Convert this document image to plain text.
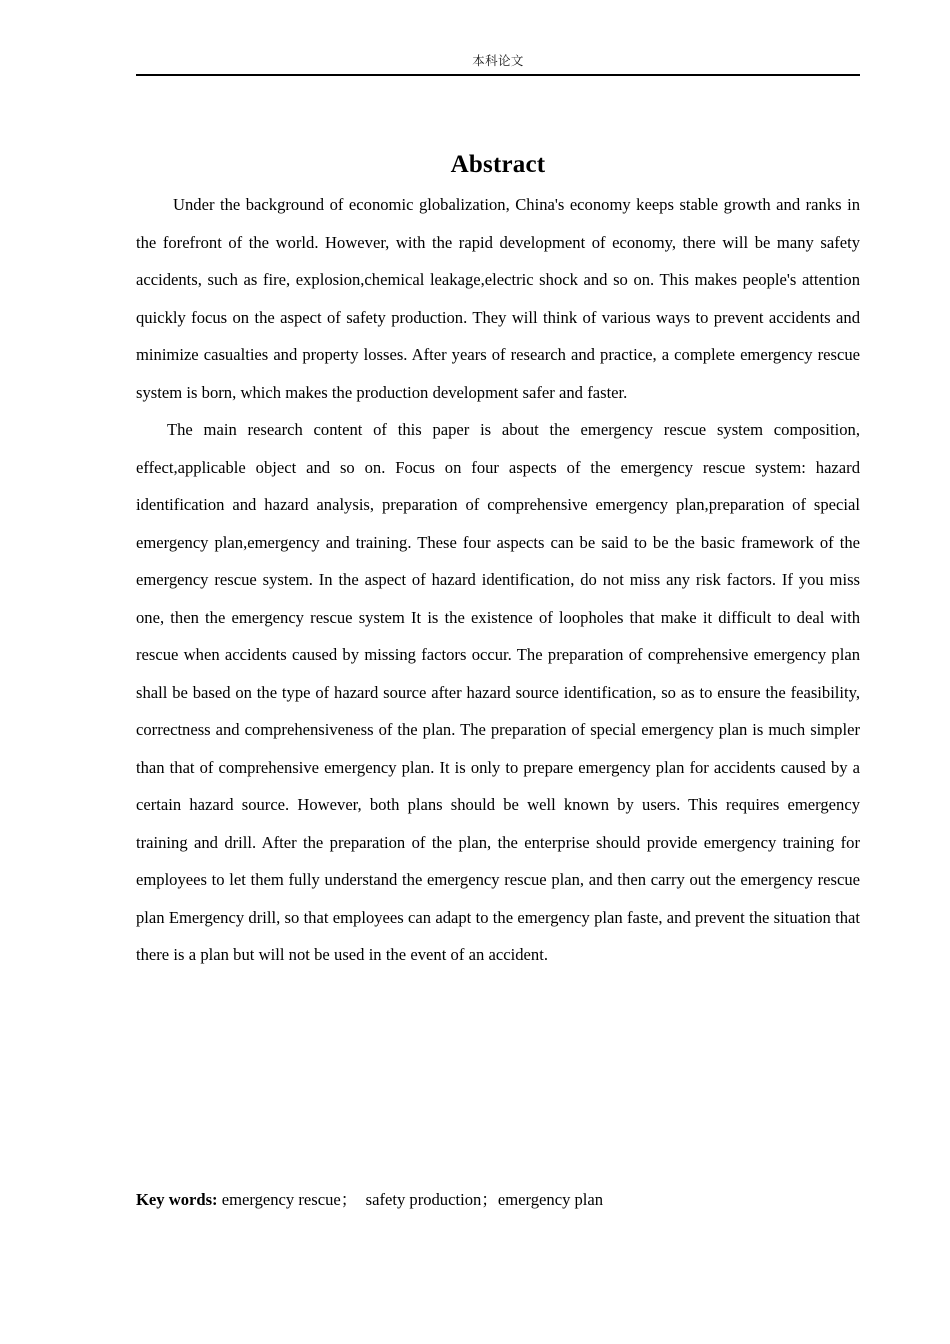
本科论文
Abstract

Under the background of economic globalization, China's economy keeps stable growth and ranks in the forefront of the world. However, with the rapid development of economy, there will be many safety accidents, such as fire, explosion,chemical leakage,electric shock and so on. This makes people's attention quickly focus on the aspect of safety production. They will think of various ways to prevent accidents and minimize casualties and property losses. After years of research and practice, a complete emergency rescue system is born, which makes the production development safer and faster.

The main research content of this paper is about the emergency rescue system composition, effect,applicable object and so on. Focus on four aspects of the emergency rescue system: hazard identification and hazard analysis, preparation of comprehensive emergency plan,preparation of special emergency plan,emergency and training. These four aspects can be said to be the basic framework of the emergency rescue system. In the aspect of hazard identification, do not miss any risk factors. If you miss one, then the emergency rescue system It is the existence of loopholes that make it difficult to deal with rescue when accidents caused by missing factors occur. The preparation of comprehensive emergency plan shall be based on the type of hazard source after hazard source identification, so as to ensure the feasibility, correctness and comprehensiveness of the plan. The preparation of special emergency plan is much simpler than that of comprehensive emergency plan. It is only to prepare emergency plan for accidents caused by a certain hazard source. However, both plans should be well known by users. This requires emergency training and drill. After the preparation of the plan, the enterprise should provide emergency training for employees to let them fully understand the emergency rescue plan, and then carry out the emergency rescue plan Emergency drill, so that employees can adapt to the emergency plan faste, and prevent the situation that there is a plan but will not be used in the event of an accident.

Key words: emergency rescue；  safety production；emergency plan
